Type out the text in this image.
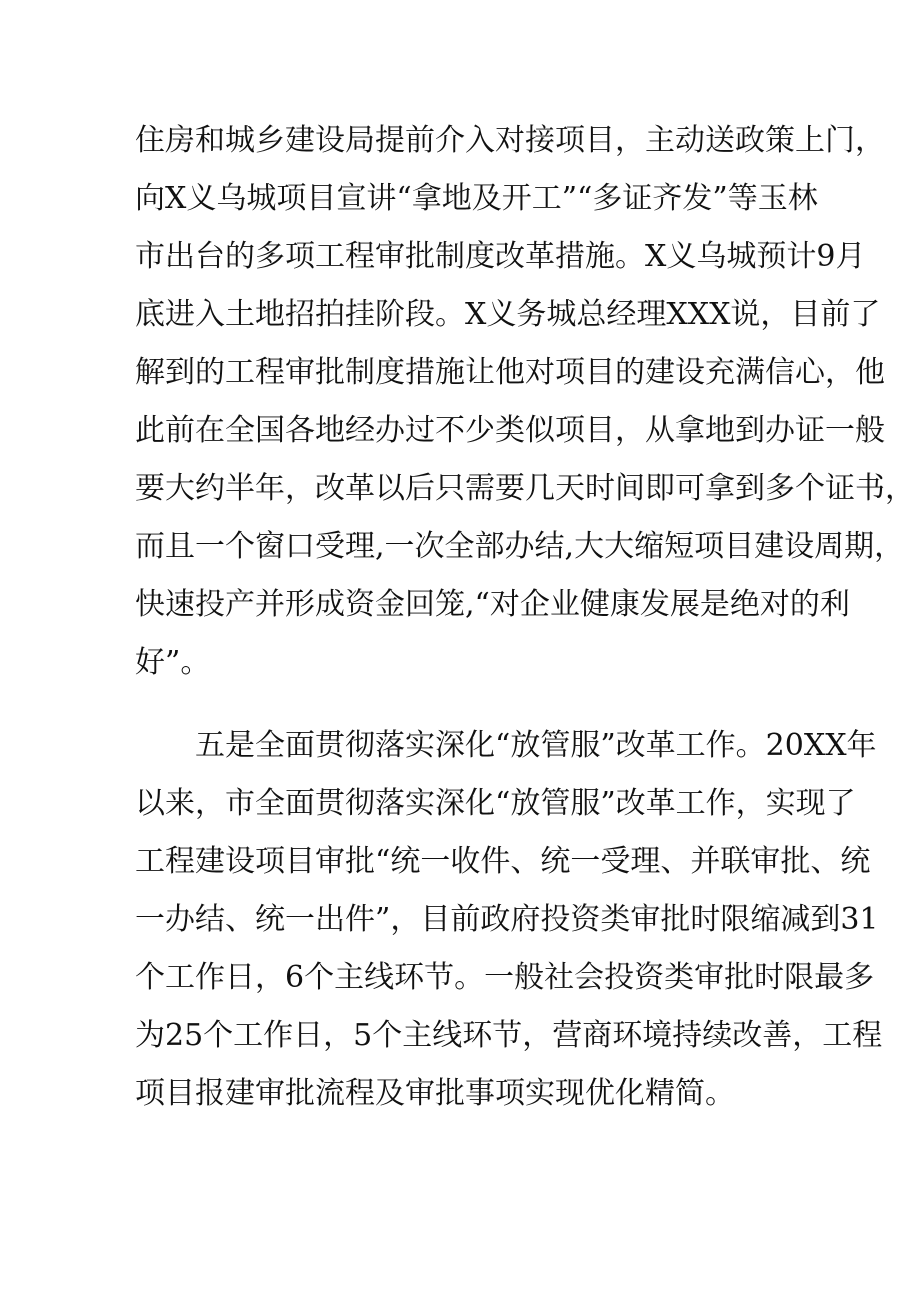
住房和城乡建设局提前介入对接项目，主动送政策上门，
向X义乌城项目宣讲“拿地及开工”“多证齐发”等玉林
市出台的多项工程审批制度改革措施。X义乌城预计9月
底进入土地招拍挂阶段。X义务城总经理XXX说，目前了
解到的工程审批制度措施让他对项目的建设充满信心，他
此前在全国各地经办过不少类似项目，从拿地到办证一般
要大约半年，改革以后只需要几天时间即可拿到多个证书，
而且一个窗口受理,一次全部办结,大大缩短项目建设周期，
快速投产并形成资金回笼,“对企业健康发展是绝对的利
好”。
五是全面贯彻落实深化“放管服”改革工作。20XX年
以来，市全面贯彻落实深化“放管服”改革工作，实现了
工程建设项目审批“统一收件、统一受理、并联审批、统
一办结、统一出件”，目前政府投资类审批时限缩减到31
个工作日，6个主线环节。一般社会投资类审批时限最多
为25个工作日，5个主线环节，营商环境持续改善，工程
项目报建审批流程及审批事项实现优化精简。
